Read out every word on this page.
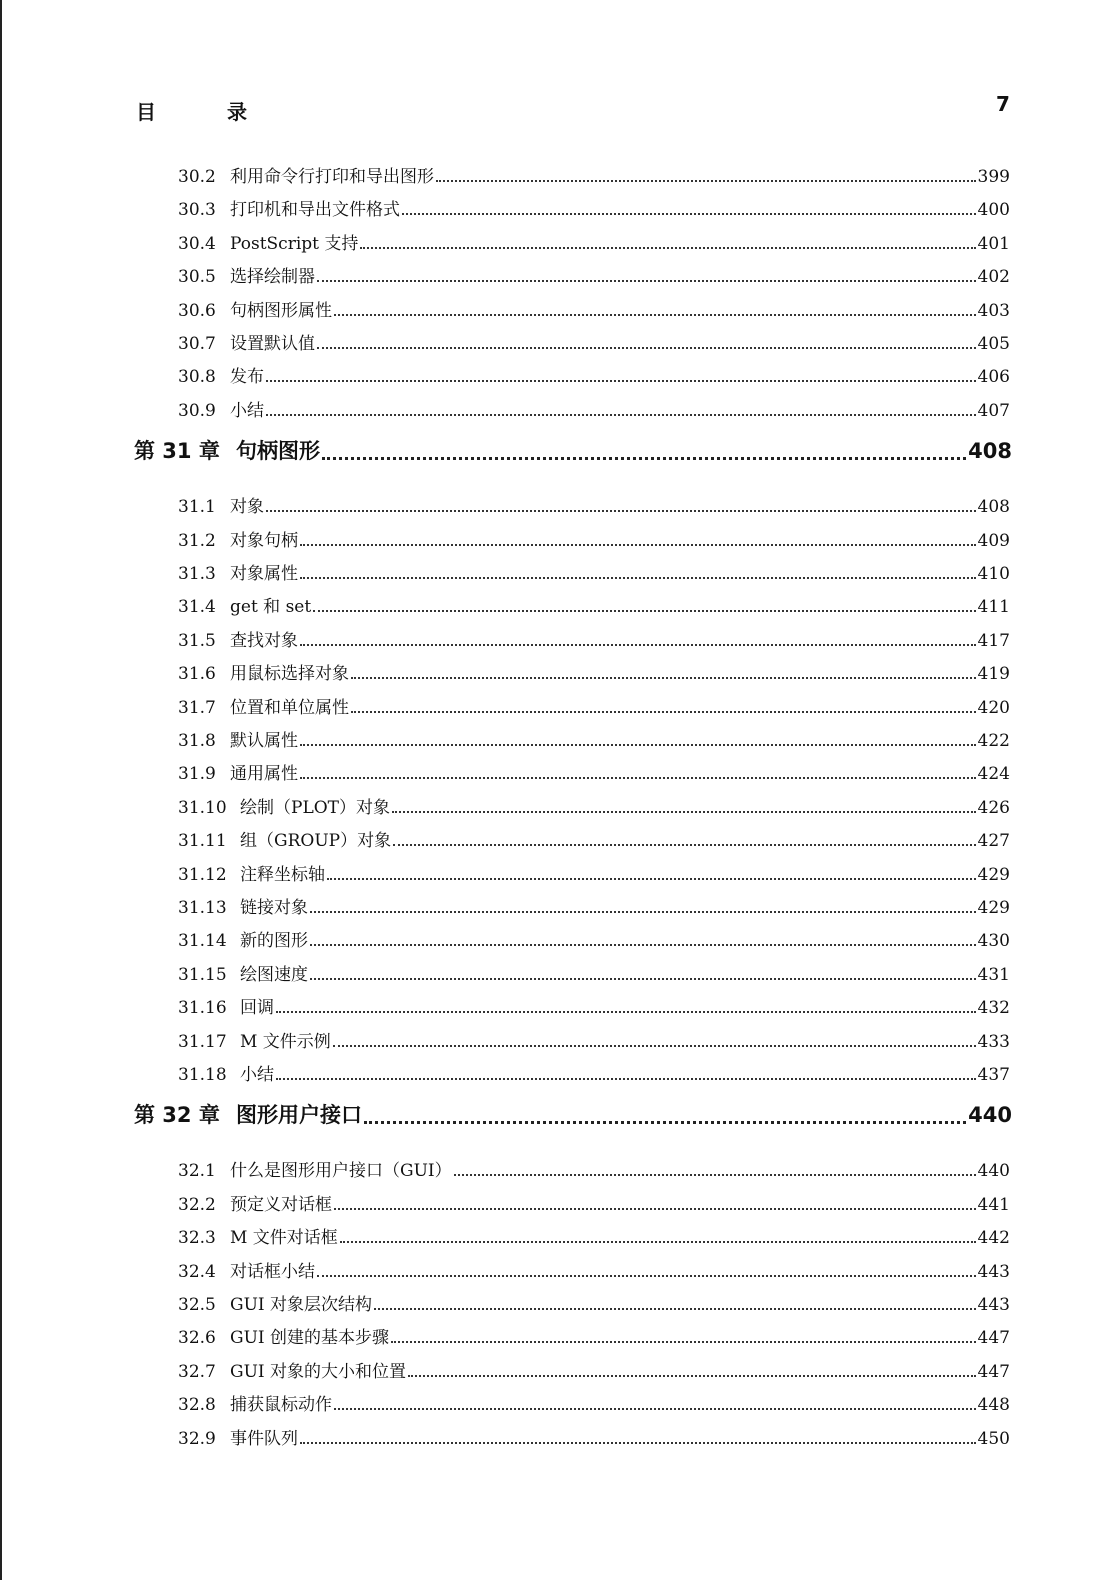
目 录	7
30.2 利用命令行打印和导出图形	399
30.3 打印机和导出文件格式	400
30.4 PostScript 支持	401
30.5 选择绘制器	402
30.6 句柄图形属性	403
30.7 设置默认值	405
30.8 发布	406
30.9 小结	407
第 31 章 句柄图形	408
31.1 对象	408
31.2 对象句柄	409
31.3 对象属性	410
31.4 get 和 set	411
31.5 查找对象	417
31.6 用鼠标选择对象	419
31.7 位置和单位属性	420
31.8 默认属性	422
31.9 通用属性	424
31.10 绘制（PLOT）对象	426
31.11 组（GROUP）对象	427
31.12 注释坐标轴	429
31.13 链接对象	429
31.14 新的图形	430
31.15 绘图速度	431
31.16 回调	432
31.17 M 文件示例	433
31.18 小结	437
第 32 章 图形用户接口	440
32.1 什么是图形用户接口（GUI）	440
32.2 预定义对话框	441
32.3 M 文件对话框	442
32.4 对话框小结	443
32.5 GUI 对象层次结构	443
32.6 GUI 创建的基本步骤	447
32.7 GUI 对象的大小和位置	447
32.8 捕获鼠标动作	448
32.9 事件队列	450
